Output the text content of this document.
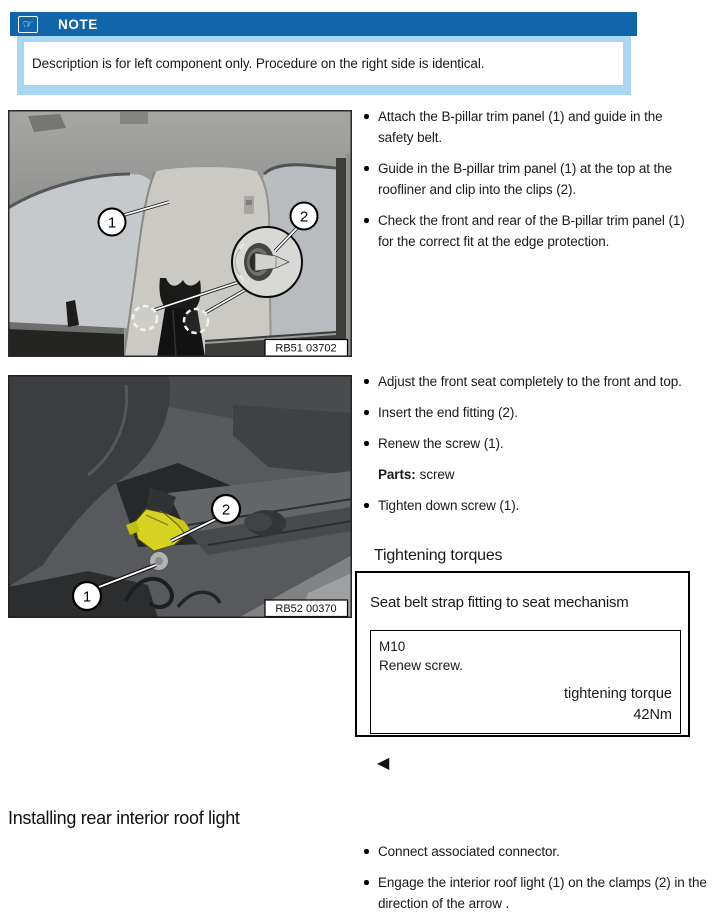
☞	NOTE
Description is for left component only. Procedure on the right side is identical.
2
1
RB51 03702
Attach the B-pillar trim panel (1) and guide in the safety belt.
Guide in the B-pillar trim panel (1) at the top at the roofliner and clip into the clips (2).
Check the front and rear of the B-pillar trim panel (1) for the correct fit at the edge protection.
2
1
RB52 00370
Adjust the front seat completely to the front and top.
Insert the end fitting (2).
Renew the screw (1).
Parts: screw
Tighten down screw (1).
Tightening torques
Seat belt strap fitting to seat mechanism
M10
Renew screw.
tightening torque
42Nm
◀
Installing rear interior roof light
Connect associated connector.
Engage the interior roof light (1) on the clamps (2) in the direction of the arrow .
